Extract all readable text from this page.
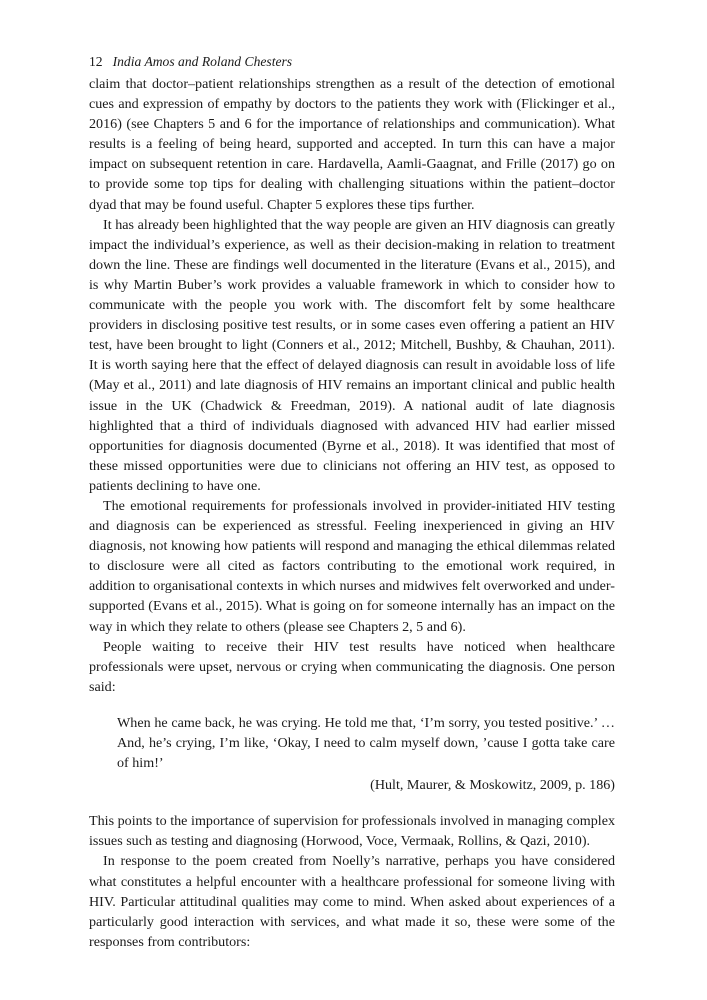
12 India Amos and Roland Chesters

claim that doctor–patient relationships strengthen as a result of the detection of emotional cues and expression of empathy by doctors to the patients they work with (Flickinger et al., 2016) (see Chapters 5 and 6 for the importance of relationships and communication). What results is a feeling of being heard, supported and accepted. In turn this can have a major impact on subsequent retention in care. Hardavella, Aamli-Gaagnat, and Frille (2017) go on to provide some top tips for dealing with challenging situations within the patient–doctor dyad that may be found useful. Chapter 5 explores these tips further.

It has already been highlighted that the way people are given an HIV diagnosis can greatly impact the individual’s experience, as well as their decision-making in relation to treatment down the line. These are findings well documented in the literature (Evans et al., 2015), and is why Martin Buber’s work provides a valuable framework in which to consider how to communicate with the people you work with. The discomfort felt by some healthcare providers in disclosing positive test results, or in some cases even offering a patient an HIV test, have been brought to light (Conners et al., 2012; Mitchell, Bushby, & Chauhan, 2011). It is worth saying here that the effect of delayed diagnosis can result in avoidable loss of life (May et al., 2011) and late diagnosis of HIV remains an important clinical and public health issue in the UK (Chadwick & Freedman, 2019). A national audit of late diagnosis highlighted that a third of individuals diagnosed with advanced HIV had earlier missed opportunities for diagnosis documented (Byrne et al., 2018). It was identified that most of these missed opportunities were due to clinicians not offering an HIV test, as opposed to patients declining to have one.

The emotional requirements for professionals involved in provider-initiated HIV testing and diagnosis can be experienced as stressful. Feeling inexperienced in giving an HIV diagnosis, not knowing how patients will respond and managing the ethical dilemmas related to disclosure were all cited as factors contributing to the emotional work required, in addition to organisational contexts in which nurses and midwives felt overworked and under-supported (Evans et al., 2015). What is going on for someone internally has an impact on the way in which they relate to others (please see Chapters 2, 5 and 6).

People waiting to receive their HIV test results have noticed when healthcare professionals were upset, nervous or crying when communicating the diagnosis. One person said:

When he came back, he was crying. He told me that, ‘I’m sorry, you tested positive.’ … And, he’s crying, I’m like, ‘Okay, I need to calm myself down, ’cause I gotta take care of him!’

(Hult, Maurer, & Moskowitz, 2009, p. 186)

This points to the importance of supervision for professionals involved in managing complex issues such as testing and diagnosing (Horwood, Voce, Vermaak, Rollins, & Qazi, 2010).

In response to the poem created from Noelly’s narrative, perhaps you have considered what constitutes a helpful encounter with a healthcare professional for someone living with HIV. Particular attitudinal qualities may come to mind. When asked about experiences of a particularly good interaction with services, and what made it so, these were some of the responses from contributors:
